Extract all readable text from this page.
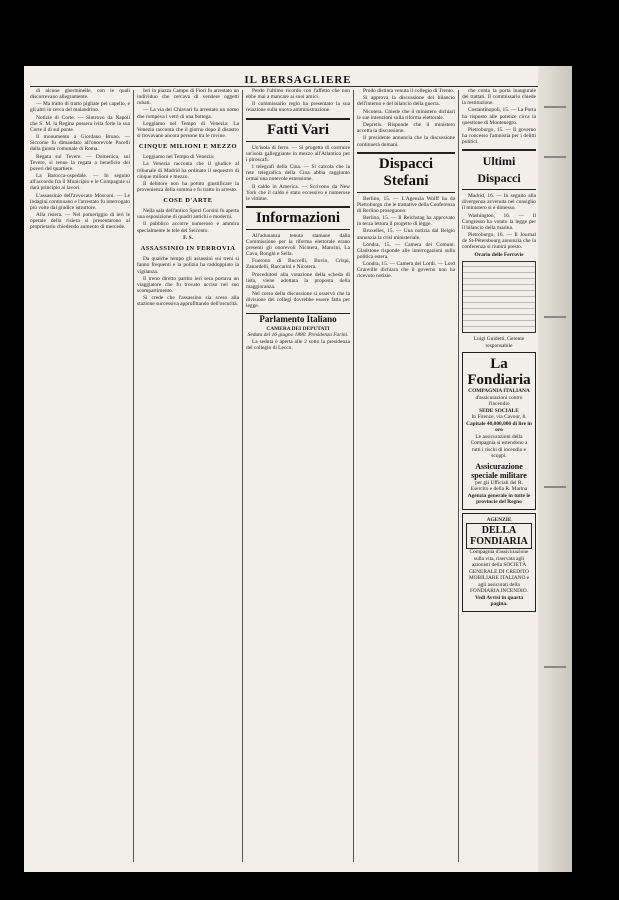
IL BERSAGLIERE

di alcune gherminelle, con le quali discorrevano allegramente.

— Ma tratto di tratto pigliate pel capello, e gli altri in cerca del malandrino.

Notizie di Corte. — Sintrovo da Napoli che S. M. la Regina possera ivita forte la sua Corte il dì sul ponte.

Il monumento a Giordano Bruno. — Siccome fu dimandato all'onorevole Pacelli dalla giunta comunale di Roma.

Regata sul Tevere. — Domenica, sul Tevere, si tenne la regata a beneficio dei poveri del quartiere.

La Barocca-ospedale. — In seguito all'accordo fra il Municipio e le Compagnie si darà principio ai lavori.

L'assassinio dell'avvocato Mosconi. — Le indagini continuano e l'arrestato fu interrogato più volte dal giudice istruttore.

Alla risiera. — Nel pomeriggio di ieri le operaie della risiera si presentarono al proprietario chiedendo aumento di mercede.

Ieri in piazza Campo di Fiori fu arrestato un individuo che cercava di vendere oggetti rubati.

— La via dei Chiavari fu arrestato un uomo che rompeva i vetri di una bottega.

Leggiamo nel Tempo di Venezia: La Venezia racconta che il giorno dopo il disastro si trovavano ancora persone tra le rovine.

CINQUE MILIONI E MEZZO

Leggiamo nel Tempo di Venezia:

La Venezia racconta che il giudice al tribunale di Madrid ha ordinato il sequestro di cinque milioni e mezzo.

Il debitore non ha potuto giustificare la provenienza della somma e fu tratto in arresto.

COSE D'ARTE

Nella sala dell'antico Spezi Corsini fu aperta una esposizione di quadri antichi e moderni.

Il pubblico accorre numeroso e ammira specialmente le tele del Seicento.

F. S.
ASSASSINIO IN FERROVIA

Da qualche tempo gli assassini sui treni si fanno frequenti e la polizia ha raddoppiato la vigilanza.

Il treno diretto partito ieri sera portava un viaggiatore che fu trovato ucciso nel suo scompartimento.

Si crede che l'assassino sia sceso alla stazione successiva approfittando dell'oscurità.

Perdo l'ultimo ricordo con l'affetto che non ebbe mai a mancare ai suoi amici.

Il commissario regio ha presentato la sua relazione sulla nuova amministrazione.

Fatti Vari

Un'isola di ferro. — Si progetta di costruire un'isola galleggiante in mezzo all'Atlantico per i piroscafi.

I telegrafi della Cina. — Si calcola che la rete telegrafica della Cina abbia raggiunto ormai una notevole estensione.

Il caldo in America. — Scrivono da New York che il caldo è stato eccessivo e numerose le vittime.

Informazioni

All'adunanza tenuta stamane dalla Commissione per la riforma elettorale erano presenti gli onorevoli Nicotera, Mancini, La Cava, Bonghi e Sella.

Fuorono di Buccelli, Bovio, Crispi, Zanardelli, Baccarini e Nicotera.

Procedutosi alla votazione della scheda di lista, viene adottata la proposta della maggioranza.

Nel corso della discussione si osservò che la divisione dei collegi dovrebbe essere fatta per legge.

Parlamento Italiano
CAMERA DEI DEPUTATI
Seduta del 16 giugno 1880. Presidenza Farini.

La seduta è aperta alle 2 sotto la presidenza del collegio di Lecco.

Prodo distinta venuta il collegio di Trento.

Si approva la discussione del bilancio dell'interno e del bilancio della guerra.

Nicotera. Chiede che il ministero dichiari le sue intenzioni sulla riforma elettorale.

Depretis. Risponde che il ministero accetta la discussione.

Il presidente annuncia che la discussione continuerà domani.

Dispacci Stefani

Berlino, 15. — L'Agenzia Wolff ha da Pietroburgo che le trattative della Conferenza di Berlino proseguono.

Berlino, 15. — Il Reichstag ha approvato in terza lettura il progetto di legge.

Bruxelles, 15. — Una notizia dal Belgio annunzia la crisi ministeriale.

Londra, 15. — Camera dei Comuni. Gladstone risponde alle interrogazioni sulla politica estera.

Londra, 15. — Camera dei Lordi. — Lord Granville dichiara che il governo non ha ricevuto notizie.

che conta la porta inaugurale dei trattati. Il commissario chiede la restituzione.

Costantinopoli, 15. — La Porta ha risposto alle potenze circa la questione di Montenegro.

Pietroburgo, 15. — Il governo ha concesso l'amnistia per i delitti politici.

Ultimi Dispacci

Madrid, 16. — In seguito alla divergenza avvenuta nel consiglio il ministero si è dimesso.

Washington, 16. — Il Congresso ha votato la legge per il bilancio della marina.

Pietroburgo, 16. — Il Journal de St-Pétersbourg annunzia che la conferenza si riunirà presto.

Orario delle Ferrovie
Luigi Guidetti, Gerente responsabile
La Fondiaria
COMPAGNIA ITALIANA
d'assicurazioni contro l'incendio
SEDE SOCIALE
In Firenze, via Cavour, 8.
Capitale 40,000,000 di lire in oro
Le assicurazioni della Compagnia si estendono a tutti i rischi di incendio e scoppi.
Assicurazione speciale militare
per gli Ufficiali del R. Esercito e della R. Marina
Agenzia generale in tutte le provincie del Regno
AGENZIE
DELLA FONDIARIA
Compagnia d'assicurazione sulla vita, riservata agli azionisti della SOCIETÀ GENERALE DI CREDITO MOBILIARE ITALIANO e agli assicurati della FONDIARIA INCENDIO.
Vedi Avvisi in quarta pagina.
